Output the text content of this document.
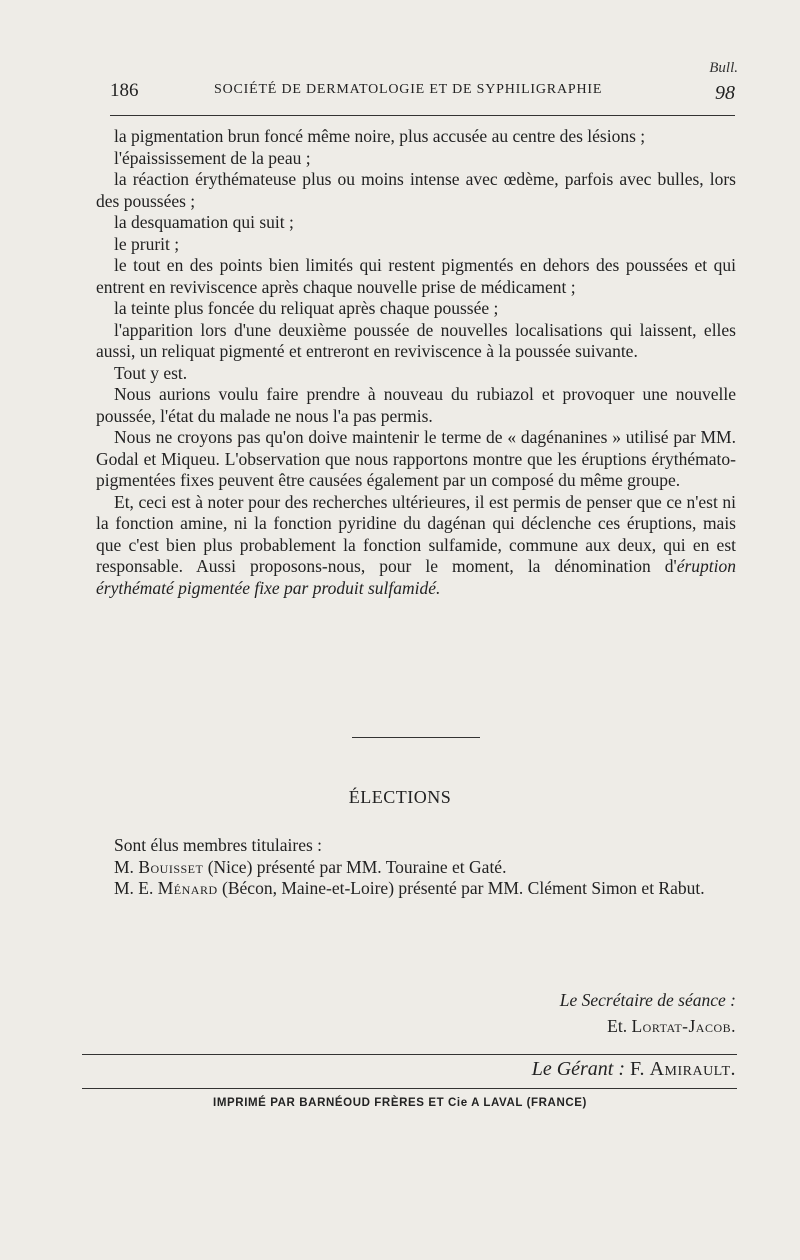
Bull.
186	SOCIÉTÉ DE DERMATOLOGIE ET DE SYPHILIGRAPHIE	98

la pigmentation brun foncé même noire, plus accusée au centre des lésions ;

l'épaississement de la peau ;

la réaction érythémateuse plus ou moins intense avec œdème, parfois avec bulles, lors des poussées ;

la desquamation qui suit ;

le prurit ;

le tout en des points bien limités qui restent pigmentés en dehors des poussées et qui entrent en reviviscence après chaque nouvelle prise de médicament ;

la teinte plus foncée du reliquat après chaque poussée ;

l'apparition lors d'une deuxième poussée de nouvelles localisations qui laissent, elles aussi, un reliquat pigmenté et entreront en reviviscence à la poussée suivante.

Tout y est.

Nous aurions voulu faire prendre à nouveau du rubiazol et provoquer une nouvelle poussée, l'état du malade ne nous l'a pas permis.

Nous ne croyons pas qu'on doive maintenir le terme de « dagénanines » utilisé par MM. Godal et Miqueu. L'observation que nous rapportons montre que les éruptions érythémato-pigmentées fixes peuvent être causées également par un composé du même groupe.

Et, ceci est à noter pour des recherches ultérieures, il est permis de penser que ce n'est ni la fonction amine, ni la fonction pyridine du dagénan qui déclenche ces éruptions, mais que c'est bien plus probablement la fonction sulfamide, commune aux deux, qui en est responsable. Aussi proposons-nous, pour le moment, la dénomination d'éruption érythématé pigmentée fixe par produit sulfamidé.

ÉLECTIONS

Sont élus membres titulaires :

M. Bouisset (Nice) présenté par MM. Touraine et Gaté.

M. E. Ménard (Bécon, Maine-et-Loire) présenté par MM. Clément Simon et Rabut.

Le Secrétaire de séance :
Et. Lortat-Jacob.
Le Gérant : F. Amirault.
IMPRIMÉ PAR BARNÉOUD FRÈRES ET Cie A LAVAL (FRANCE)
